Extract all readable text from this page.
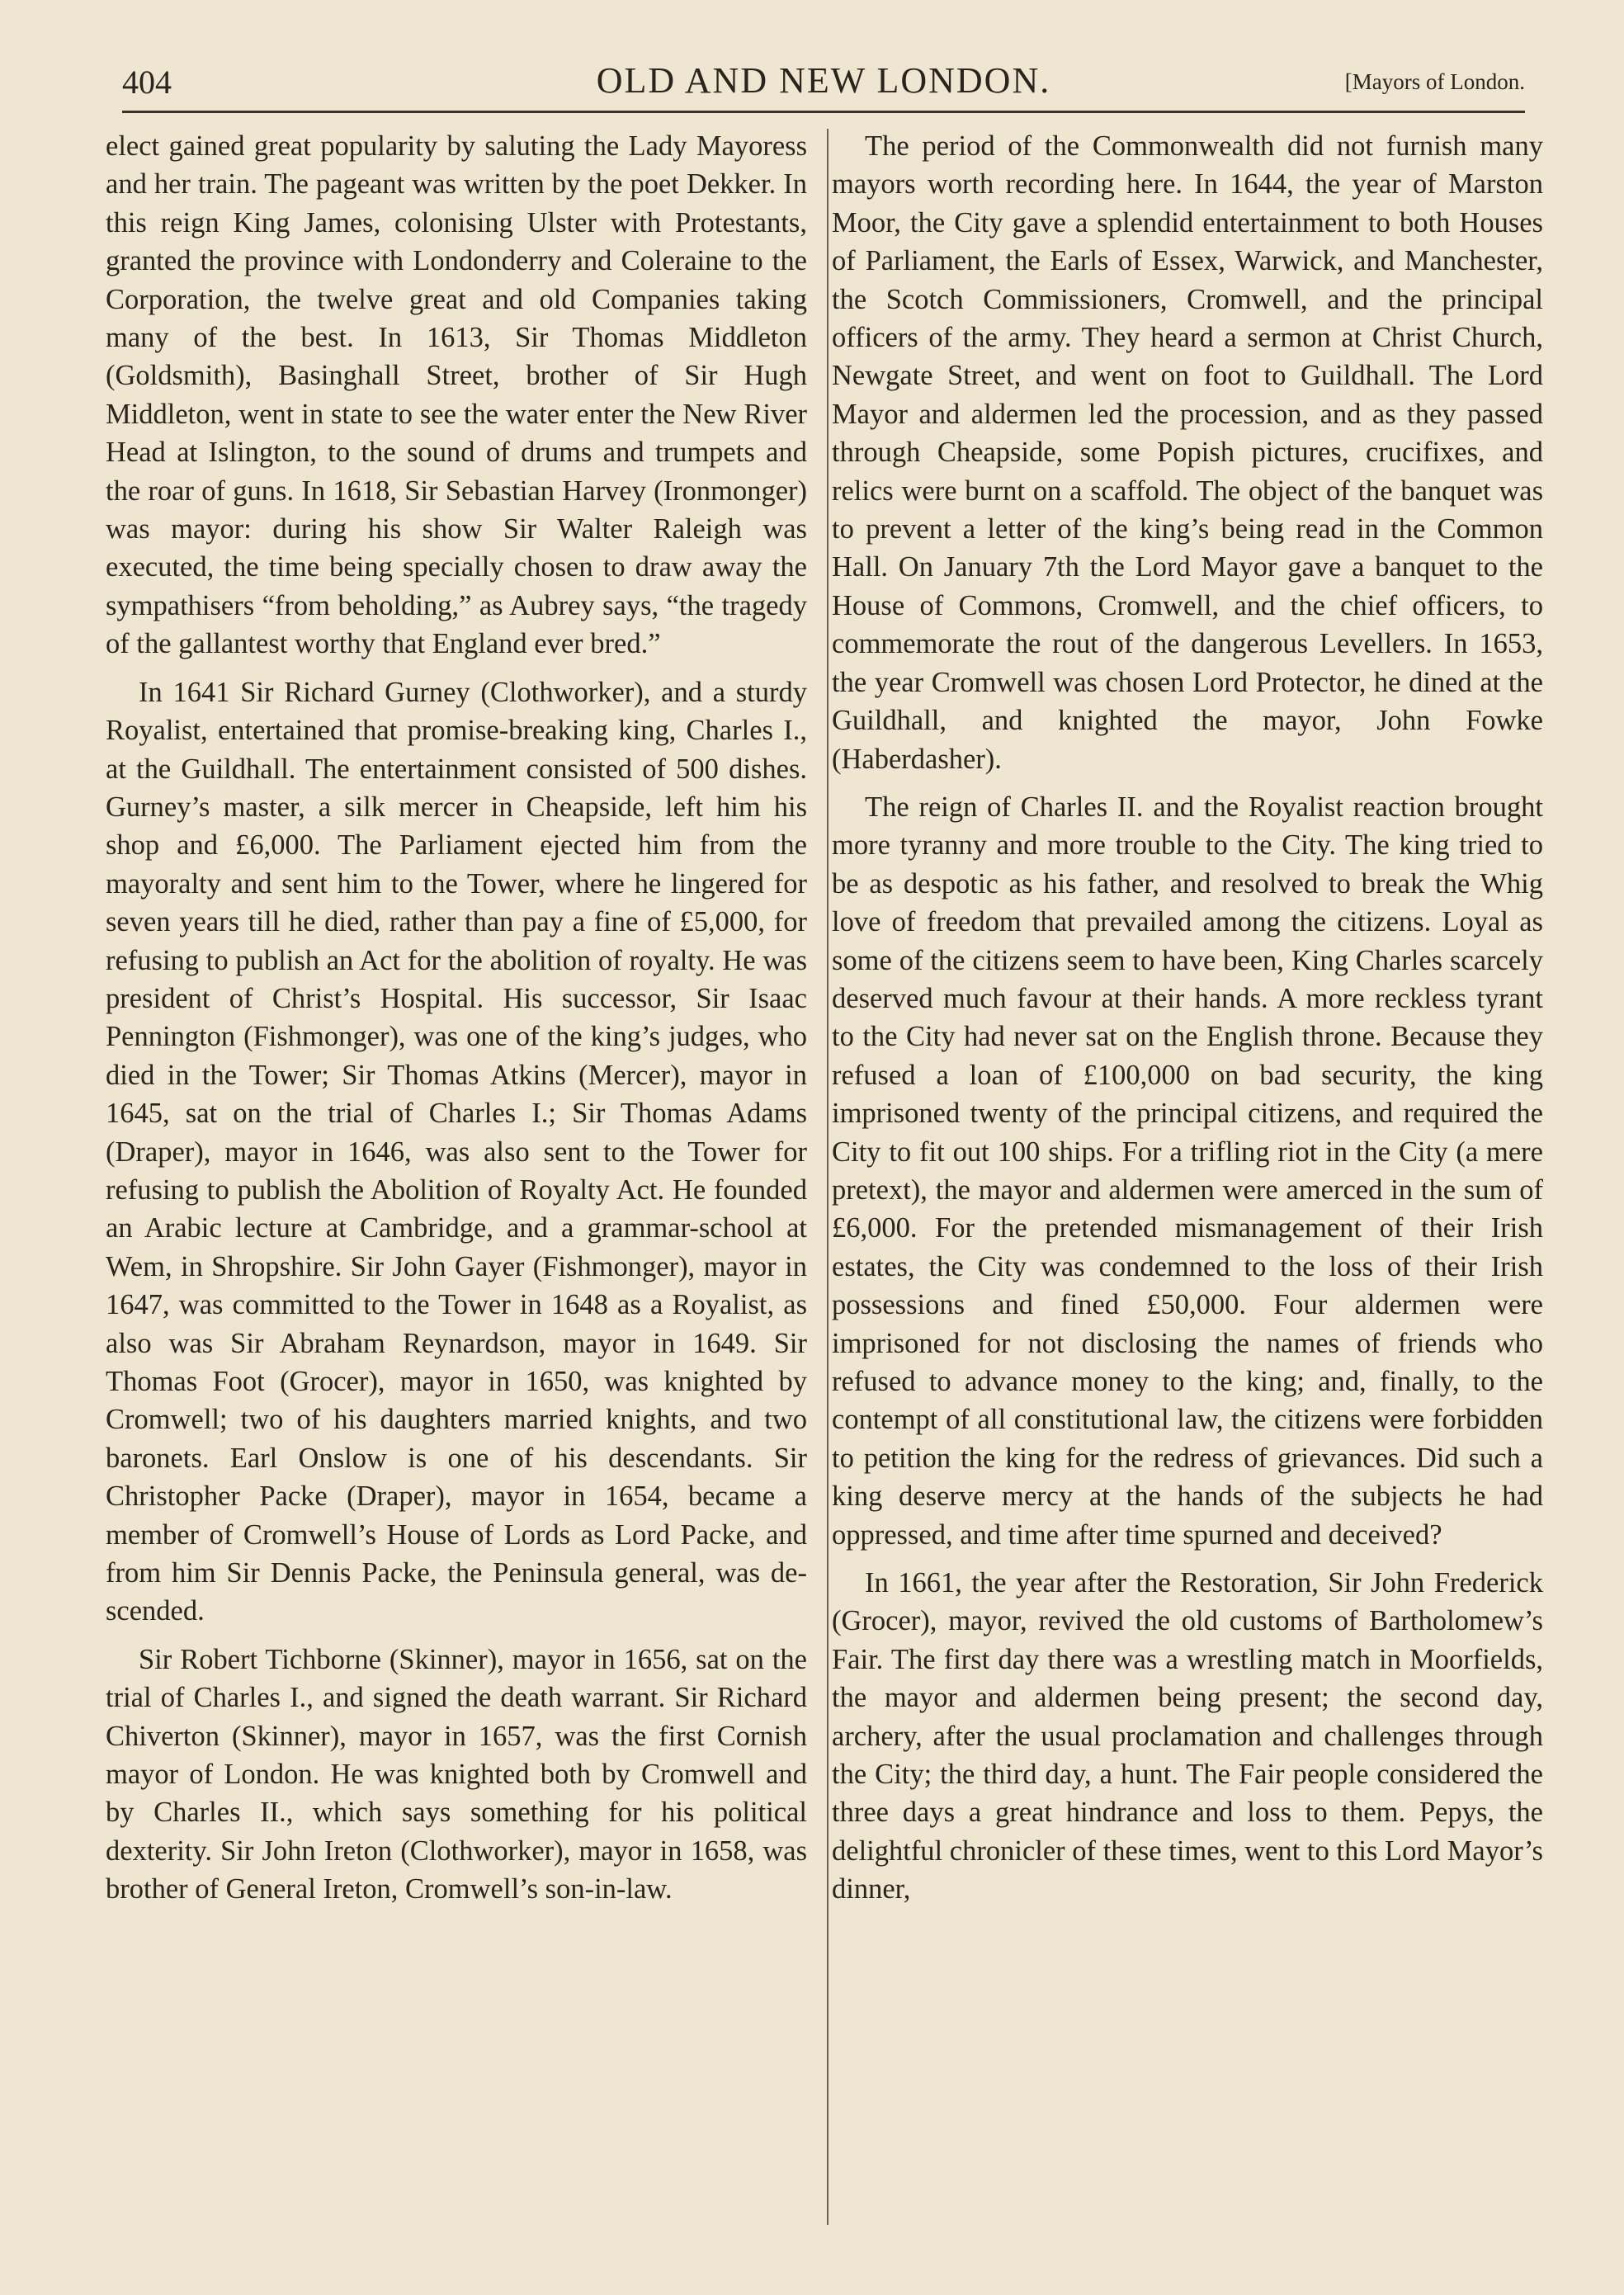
404	OLD AND NEW LONDON.	[Mayors of London.

elect gained great popularity by saluting the Lady Mayoress and her train. The pageant was written by the poet Dekker. In this reign King James, colonising Ulster with Protestants, granted the province with Londonderry and Coleraine to the Corporation, the twelve great and old Companies taking many of the best. In 1613, Sir Thomas Middleton (Goldsmith), Basinghall Street, brother of Sir Hugh Middleton, went in state to see the water enter the New River Head at Islington, to the sound of drums and trumpets and the roar of guns. In 1618, Sir Sebastian Harvey (Ironmonger) was mayor: during his show Sir Walter Raleigh was executed, the time being specially chosen to draw away the sympathisers “from beholding,” as Aubrey says, “the tragedy of the gallantest worthy that England ever bred.”

In 1641 Sir Richard Gurney (Clothworker), and a sturdy Royalist, entertained that promise-breaking king, Charles I., at the Guildhall. The entertainment consisted of 500 dishes. Gurney’s master, a silk mercer in Cheapside, left him his shop and £6,000. The Parliament ejected him from the mayoralty and sent him to the Tower, where he lingered for seven years till he died, rather than pay a fine of £5,000, for refusing to publish an Act for the abolition of royalty. He was president of Christ’s Hospital. His successor, Sir Isaac Pennington (Fishmonger), was one of the king’s judges, who died in the Tower; Sir Thomas Atkins (Mercer), mayor in 1645, sat on the trial of Charles I.; Sir Thomas Adams (Draper), mayor in 1646, was also sent to the Tower for refusing to publish the Abolition of Royalty Act. He founded an Arabic lecture at Cambridge, and a grammar-school at Wem, in Shropshire. Sir John Gayer (Fishmonger), mayor in 1647, was committed to the Tower in 1648 as a Royalist, as also was Sir Abraham Reynardson, mayor in 1649. Sir Thomas Foot (Grocer), mayor in 1650, was knighted by Cromwell; two of his daughters married knights, and two baronets. Earl Onslow is one of his descendants. Sir Christopher Packe (Draper), mayor in 1654, became a member of Cromwell’s House of Lords as Lord Packe, and from him Sir Dennis Packe, the Peninsula general, was descended.

Sir Robert Tichborne (Skinner), mayor in 1656, sat on the trial of Charles I., and signed the death warrant. Sir Richard Chiverton (Skinner), mayor in 1657, was the first Cornish mayor of London. He was knighted both by Cromwell and by Charles II., which says something for his political dexterity. Sir John Ireton (Clothworker), mayor in 1658, was brother of General Ireton, Cromwell’s son-in-law.

The period of the Commonwealth did not furnish many mayors worth recording here. In 1644, the year of Marston Moor, the City gave a splendid entertainment to both Houses of Parliament, the Earls of Essex, Warwick, and Manchester, the Scotch Commissioners, Cromwell, and the principal officers of the army. They heard a sermon at Christ Church, Newgate Street, and went on foot to Guildhall. The Lord Mayor and aldermen led the procession, and as they passed through Cheapside, some Popish pictures, crucifixes, and relics were burnt on a scaffold. The object of the banquet was to prevent a letter of the king’s being read in the Common Hall. On January 7th the Lord Mayor gave a banquet to the House of Commons, Cromwell, and the chief officers, to commemorate the rout of the dangerous Levellers. In 1653, the year Cromwell was chosen Lord Protector, he dined at the Guildhall, and knighted the mayor, John Fowke (Haberdasher).

The reign of Charles II. and the Royalist reaction brought more tyranny and more trouble to the City. The king tried to be as despotic as his father, and resolved to break the Whig love of freedom that prevailed among the citizens. Loyal as some of the citizens seem to have been, King Charles scarcely deserved much favour at their hands. A more reckless tyrant to the City had never sat on the English throne. Because they refused a loan of £100,000 on bad security, the king imprisoned twenty of the principal citizens, and required the City to fit out 100 ships. For a trifling riot in the City (a mere pretext), the mayor and aldermen were amerced in the sum of £6,000. For the pretended mismanagement of their Irish estates, the City was condemned to the loss of their Irish possessions and fined £50,000. Four aldermen were imprisoned for not disclosing the names of friends who refused to advance money to the king; and, finally, to the contempt of all constitutional law, the citizens were forbidden to petition the king for the redress of grievances. Did such a king deserve mercy at the hands of the subjects he had oppressed, and time after time spurned and deceived?

In 1661, the year after the Restoration, Sir John Frederick (Grocer), mayor, revived the old customs of Bartholomew’s Fair. The first day there was a wrestling match in Moorfields, the mayor and aldermen being present; the second day, archery, after the usual proclamation and challenges through the City; the third day, a hunt. The Fair people considered the three days a great hindrance and loss to them. Pepys, the delightful chronicler of these times, went to this Lord Mayor’s dinner,
